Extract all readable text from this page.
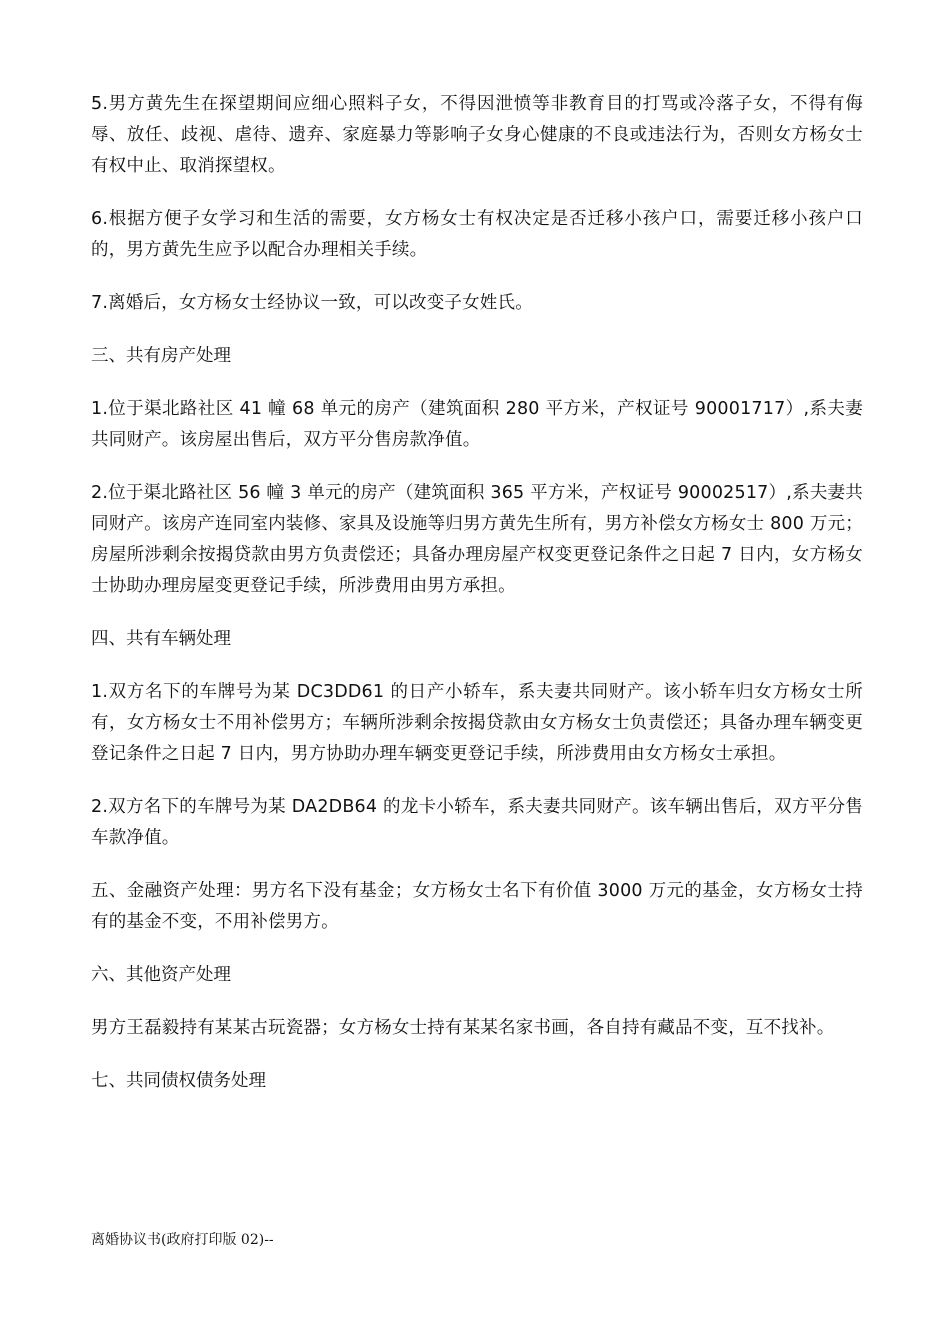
5.男方黄先生在探望期间应细心照料子女，不得因泄愤等非教育目的打骂或冷落子女，不得有侮辱、放任、歧视、虐待、遗弃、家庭暴力等影响子女身心健康的不良或违法行为，否则女方杨女士有权中止、取消探望权。

6.根据方便子女学习和生活的需要，女方杨女士有权决定是否迁移小孩户口，需要迁移小孩户口的，男方黄先生应予以配合办理相关手续。

7.离婚后，女方杨女士经协议一致，可以改变子女姓氏。

三、共有房产处理

1.位于渠北路社区 41 幢 68 单元的房产（建筑面积 280 平方米，产权证号 90001717）,系夫妻共同财产。该房屋出售后，双方平分售房款净值。

2.位于渠北路社区 56 幢 3 单元的房产（建筑面积 365 平方米，产权证号 90002517）,系夫妻共同财产。该房产连同室内装修、家具及设施等归男方黄先生所有，男方补偿女方杨女士 800 万元；房屋所涉剩余按揭贷款由男方负责偿还；具备办理房屋产权变更登记条件之日起 7 日内，女方杨女士协助办理房屋变更登记手续，所涉费用由男方承担。

四、共有车辆处理

1.双方名下的车牌号为某 DC3DD61 的日产小轿车，系夫妻共同财产。该小轿车归女方杨女士所有，女方杨女士不用补偿男方；车辆所涉剩余按揭贷款由女方杨女士负责偿还；具备办理车辆变更登记条件之日起 7 日内，男方协助办理车辆变更登记手续，所涉费用由女方杨女士承担。

2.双方名下的车牌号为某 DA2DB64 的龙卡小轿车，系夫妻共同财产。该车辆出售后，双方平分售车款净值。

五、金融资产处理：男方名下没有基金；女方杨女士名下有价值 3000 万元的基金，女方杨女士持有的基金不变，不用补偿男方。

六、其他资产处理

男方王磊毅持有某某古玩瓷器；女方杨女士持有某某名家书画，各自持有藏品不变，互不找补。

七、共同债权债务处理

离婚协议书(政府打印版 02)--
